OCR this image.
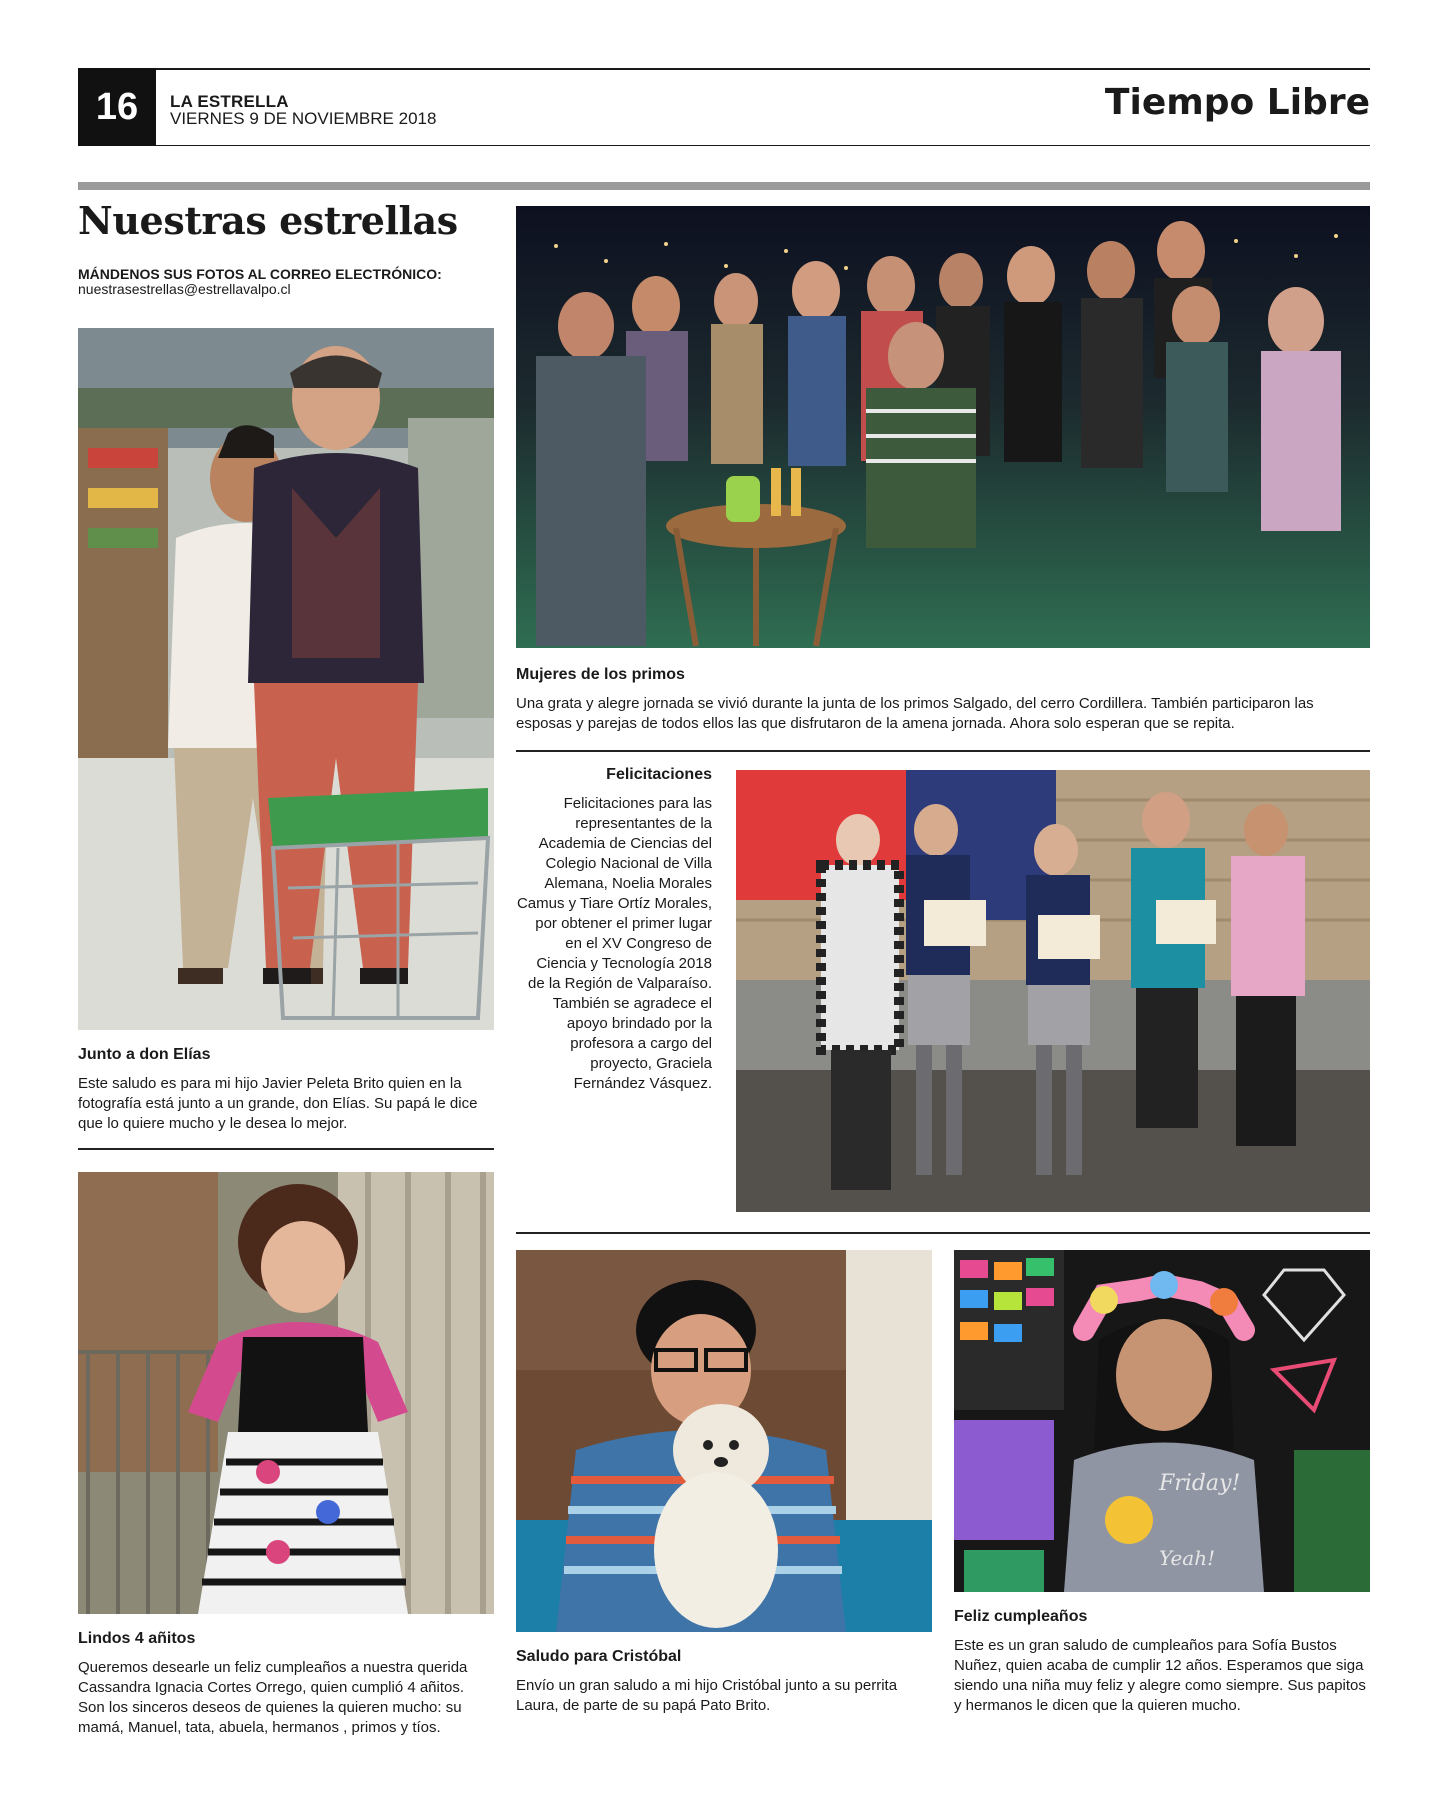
16	LA ESTRELLA
VIERNES 9 DE NOVIEMBRE 2018	Tiempo Libre
Nuestras estrellas
MÁNDENOS SUS FOTOS AL CORREO ELECTRÓNICO:
nuestrasestrellas@estrellavalpo.cl
Junto a don Elías
Este saludo es para mi hijo Javier Peleta Brito quien en la fotografía está junto a un grande, don Elías. Su papá le dice que lo quiere mucho y le desea lo mejor.
Mujeres de los primos
Una grata y alegre jornada se vivió durante la junta de los primos Salgado, del cerro Cordillera. También participaron las esposas y parejas de todos ellos las que disfrutaron de la amena jornada. Ahora solo esperan que se repita.
Felicitaciones
Felicitaciones para las representantes de la Academia de Ciencias del Colegio Nacional de Villa Alemana, Noelia Morales Camus y Tiare Ortíz Morales, por obtener el primer lugar en el XV Congreso de Ciencia y Tecnología 2018 de la Región de Valparaíso. También se agradece el apoyo brindado por la profesora a cargo del proyecto, Graciela Fernández Vásquez.
Lindos 4 añitos
Queremos desearle un feliz cumpleaños a nuestra querida Cassandra Ignacia Cortes Orrego, quien cumplió 4 añitos. Son los sinceros deseos de quienes la quieren mucho: su mamá, Manuel, tata, abuela, hermanos , primos y tíos.
Saludo para Cristóbal
Envío un gran saludo a mi hijo Cristóbal junto a su perrita Laura, de parte de su papá Pato Brito.
Friday!
Yeah!
Feliz cumpleaños
Este es un gran saludo de cumpleaños para Sofía Bustos Nuñez, quien acaba de cumplir 12 años. Esperamos que siga siendo una niña muy feliz y alegre como siempre. Sus papitos y hermanos le dicen que la quieren mucho.
